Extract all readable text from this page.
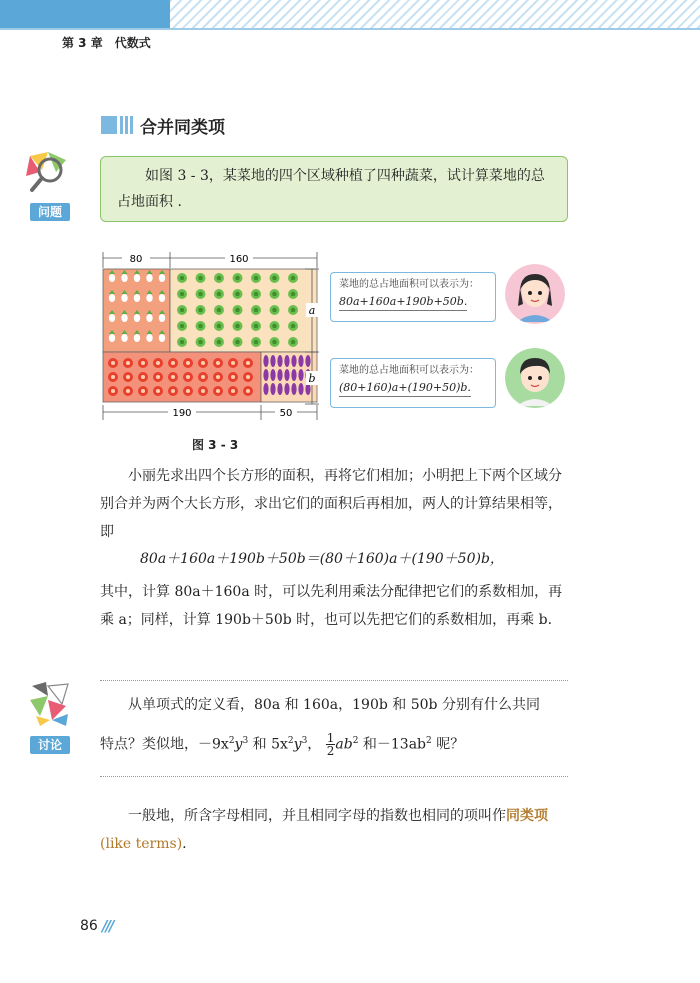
第 3 章　代数式
合并同类项
问题
如图 3 - 3，某菜地的四个区域种植了四种蔬菜，试计算菜地的总占地面积 .
80	160
190	50
a
b
图 3 - 3
菜地的总占地面积可以表示为：
80a+160a+190b+50b.
菜地的总占地面积可以表示为：
(80+160)a+(190+50)b.
小丽先求出四个长方形的面积，再将它们相加；小明把上下两个区域分别合并为两个大长方形，求出它们的面积后再相加，两人的计算结果相等，即
80a＋160a＋190b＋50b＝(80＋160)a＋(190＋50)b，
其中，计算 80a＋160a 时，可以先利用乘法分配律把它们的系数相加，再乘 a；同样，计算 190b＋50b 时，也可以先把它们的系数相加，再乘 b.
讨论
从单项式的定义看，80a 和 160a，190b 和 50b 分别有什么共同
特点？类似地，$-9x^2y^3$ 和 $5x^2y^3$， $\frac{1}{2} ab^2$ 和$-13ab^2$ 呢？
一般地，所含字母相同，并且相同字母的指数也相同的项叫作同类项(like terms).
86 ///
